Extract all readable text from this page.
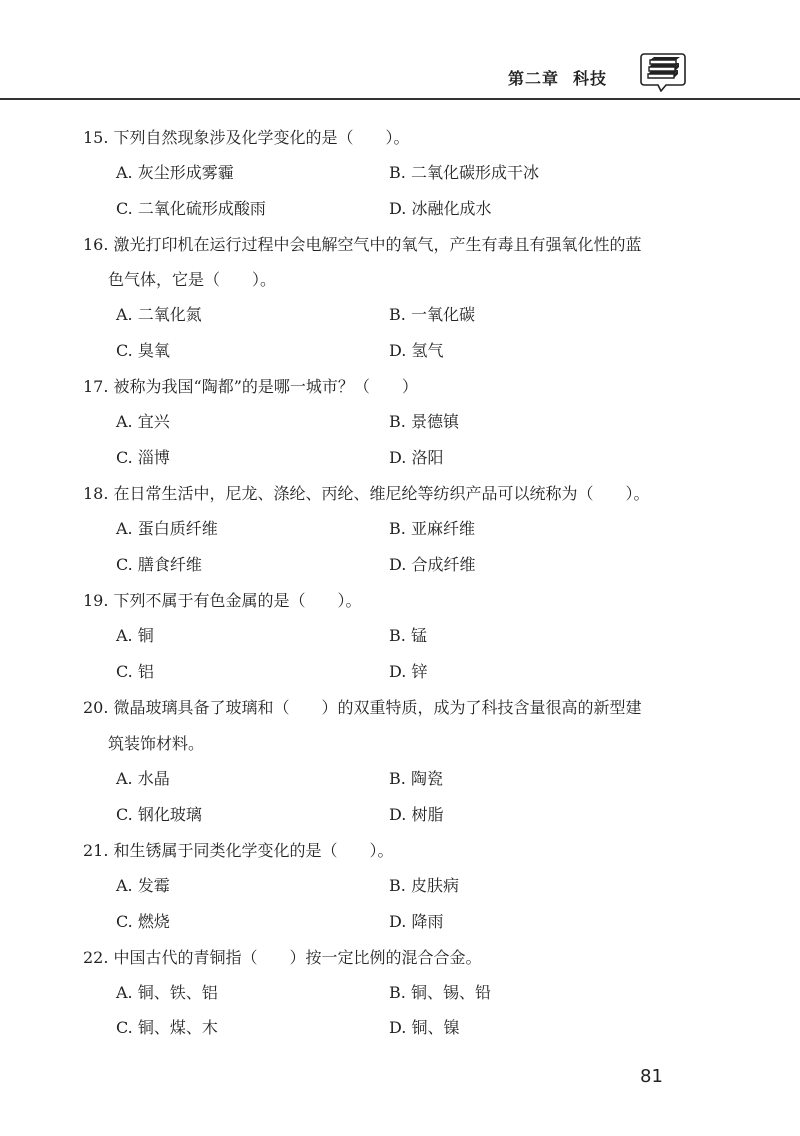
第二章 科技
15. 下列自然现象涉及化学变化的是（　　）。
A. 灰尘形成雾霾	B. 二氧化碳形成干冰
C. 二氧化硫形成酸雨	D. 冰融化成水
16. 激光打印机在运行过程中会电解空气中的氧气，产生有毒且有强氧化性的蓝
色气体，它是（　　）。
A. 二氧化氮	B. 一氧化碳
C. 臭氧	D. 氢气
17. 被称为我国“陶都”的是哪一城市？（　　）
A. 宜兴	B. 景德镇
C. 淄博	D. 洛阳
18. 在日常生活中，尼龙、涤纶、丙纶、维尼纶等纺织产品可以统称为（　　）。
A. 蛋白质纤维	B. 亚麻纤维
C. 膳食纤维	D. 合成纤维
19. 下列不属于有色金属的是（　　）。
A. 铜	B. 锰
C. 铝	D. 锌
20. 微晶玻璃具备了玻璃和（　　）的双重特质，成为了科技含量很高的新型建
筑装饰材料。
A. 水晶	B. 陶瓷
C. 钢化玻璃	D. 树脂
21. 和生锈属于同类化学变化的是（　　）。
A. 发霉	B. 皮肤病
C. 燃烧	D. 降雨
22. 中国古代的青铜指（　　）按一定比例的混合合金。
A. 铜、铁、铝	B. 铜、锡、铅
C. 铜、煤、木	D. 铜、镍
81
